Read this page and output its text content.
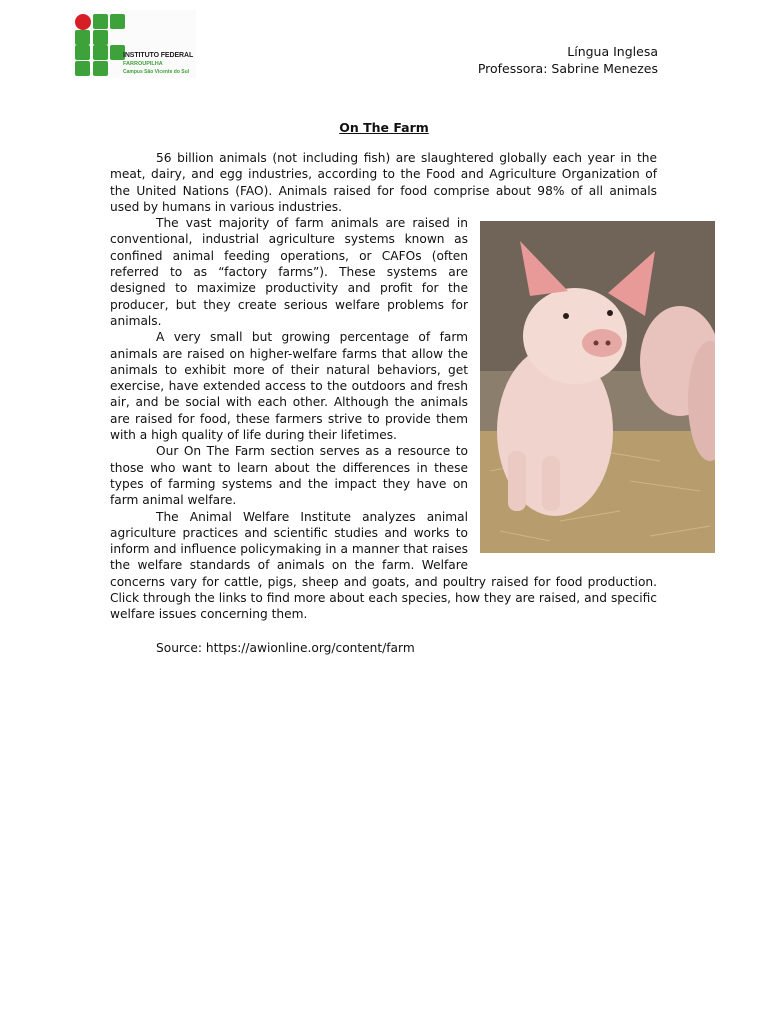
INSTITUTO FEDERAL
FARROUPILHA
Campus São Vicente do Sul
Língua Inglesa
Professora: Sabrine Menezes
On The Farm

56 billion animals (not including fish) are slaughtered globally each year in the meat, dairy, and egg industries, according to the Food and Agriculture Organization of the United Nations (FAO). Animals raised for food comprise about 98% of all animals used by humans in various industries.

The vast majority of farm animals are raised in conventional, industrial agriculture systems known as confined animal feeding operations, or CAFOs (often referred to as “factory farms”). These systems are designed to maximize productivity and profit for the producer, but they create serious welfare problems for animals.

A very small but growing percentage of farm animals are raised on higher-welfare farms that allow the animals to exhibit more of their natural behaviors, get exercise, have extended access to the outdoors and fresh air, and be social with each other. Although the animals are raised for food, these farmers strive to provide them with a high quality of life during their lifetimes.

Our On The Farm section serves as a resource to those who want to learn about the differences in these types of farming systems and the impact they have on farm animal welfare.

The Animal Welfare Institute analyzes animal agriculture practices and scientific studies and works to inform and influence policymaking in a manner that raises the welfare standards of animals on the farm. Welfare concerns vary for cattle, pigs, sheep and goats, and poultry raised for food production. Click through the links to find more about each species, how they are raised, and specific welfare issues concerning them.

Source: https://awionline.org/content/farm
